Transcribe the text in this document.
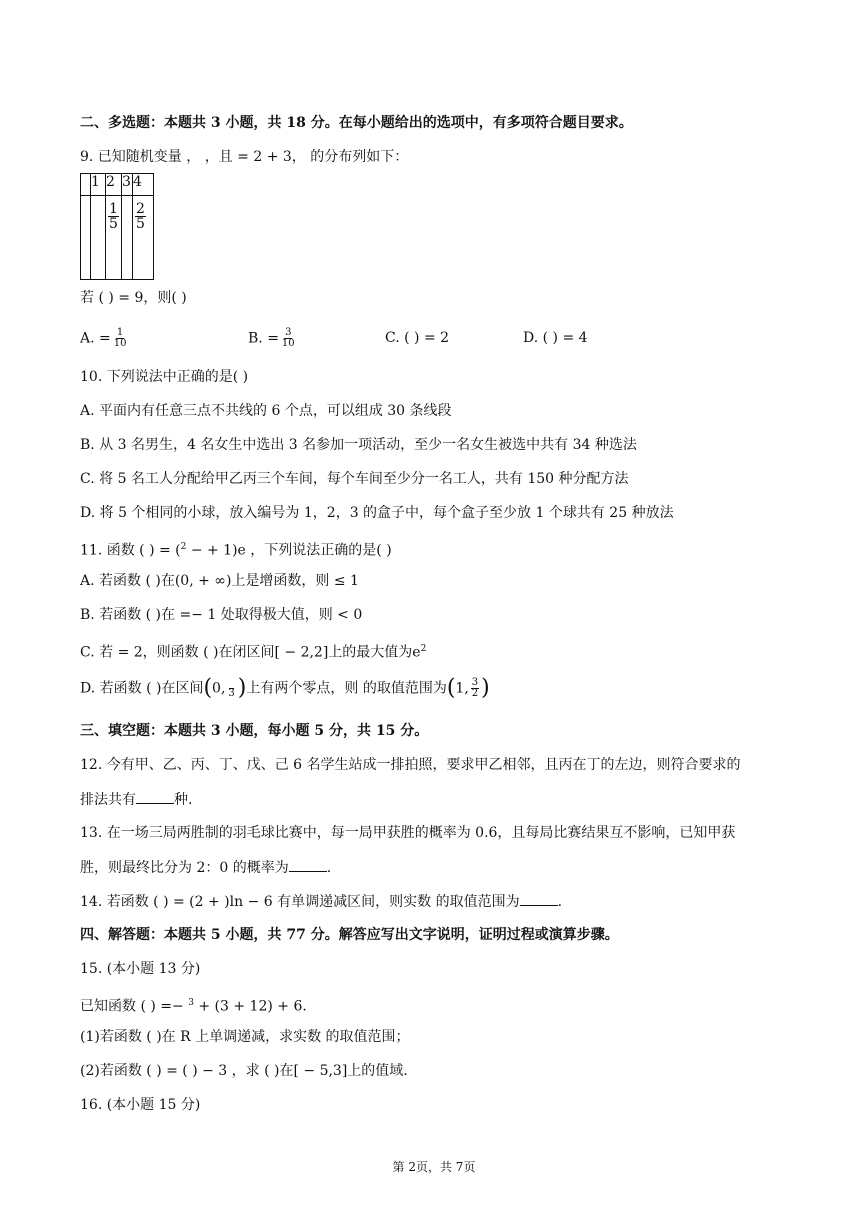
二、多选题：本题共 3 小题，共 18 分。在每小题给出的选项中，有多项符合题目要求。
9. 已知随机变量 ， ，且 = 2 + 3， 的分布列如下：
	1	2	3	4

		$\frac{1}{5}$		$\frac{2}{5}$
若 ( ) = 9，则( )
A. = $\frac{1}{10}$	B. = $\frac{3}{10}$	C. ( ) = 2	D. ( ) = 4
10. 下列说法中正确的是( )
A. 平面内有任意三点不共线的 6 个点，可以组成 30 条线段
B. 从 3 名男生，4 名女生中选出 3 名参加一项活动，至少一名女生被选中共有 34 种选法
C. 将 5 名工人分配给甲乙丙三个车间，每个车间至少分一名工人，共有 150 种分配方法
D. 将 5 个相同的小球，放入编号为 1，2，3 的盒子中，每个盒子至少放 1 个球共有 25 种放法
11. 函数 ( ) = ($^2$ − + 1)e ，下列说法正确的是( )
A. 若函数 ( )在(0, + ∞)上是增函数，则 ≤ 1
B. 若函数 ( )在 =− 1 处取得极大值，则 < 0
C. 若 = 2，则函数 ( )在闭区间[ − 2,2]上的最大值为$e^2$
D. 若函数 ( )在区间(0,
3 )上有两个零点，则 的取值范围为(1, $\frac{3}{2}$ )
三、填空题：本题共 3 小题，每小题 5 分，共 15 分。
12. 今有甲、乙、丙、丁、戊、己 6 名学生站成一排拍照，要求甲乙相邻，且丙在丁的左边，则符合要求的
排法共有	种.
13. 在一场三局两胜制的羽毛球比赛中，每一局甲获胜的概率为 0.6，且每局比赛结果互不影响，已知甲获
胜，则最终比分为 2：0 的概率为	.
14. 若函数 ( ) = (2 + )ln − 6 有单调递减区间，则实数 的取值范围为	.
四、解答题：本题共 5 小题，共 77 分。解答应写出文字说明，证明过程或演算步骤。
15. (本小题 13 分)
已知函数 ( ) =− $^3$ + (3 + 12) + 6.
(1)若函数 ( )在 R 上单调递减，求实数 的取值范围；
(2)若函数 ( ) = ( ) − 3 ，求 ( )在[ − 5,3]上的值域.
16. (本小题 15 分)
第 2页，共 7页
